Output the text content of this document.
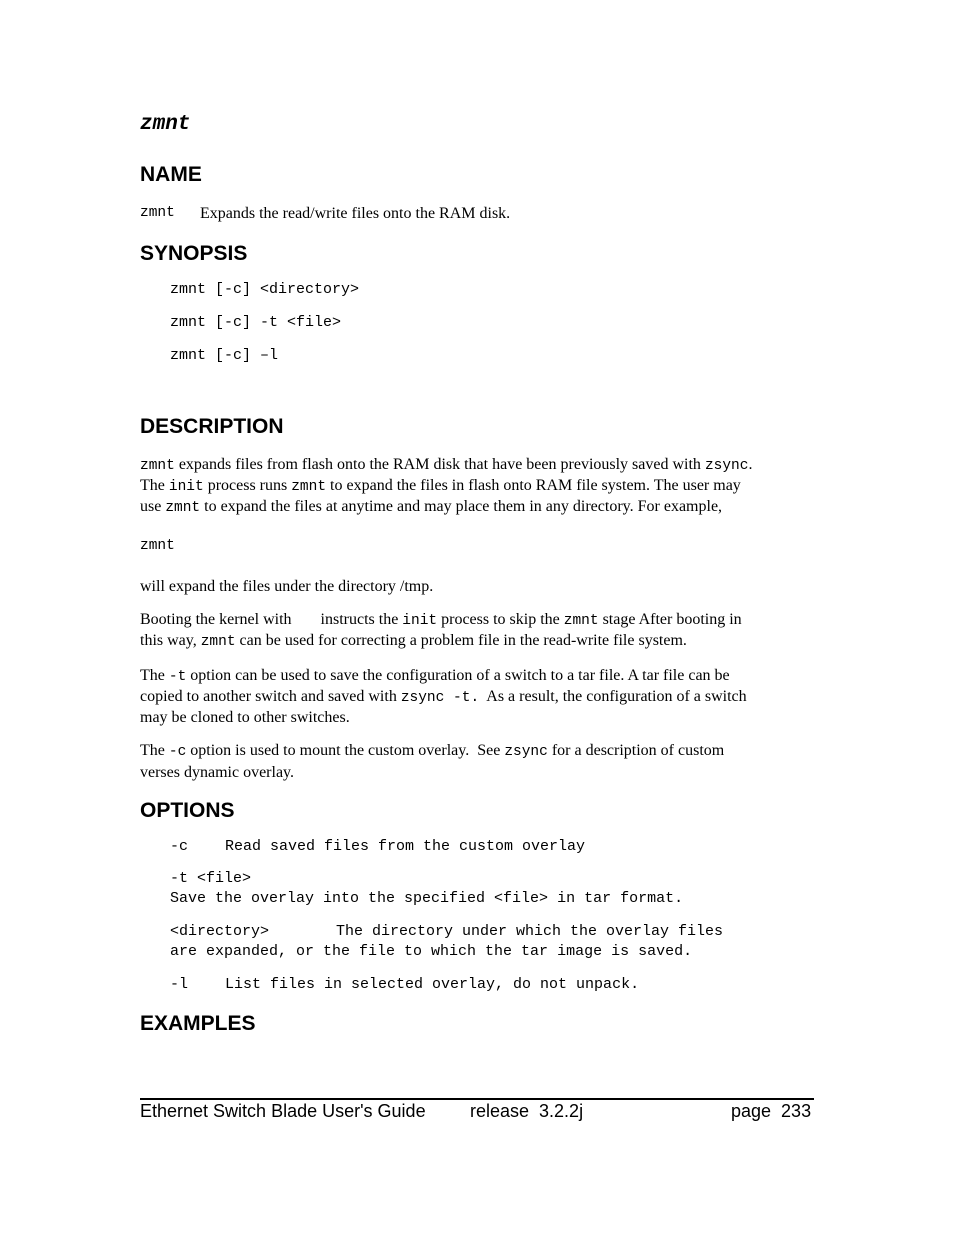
zmnt
NAME
zmnt Expands the read/write files onto the RAM disk.
SYNOPSIS
zmnt [-c] <directory>
zmnt [-c] -t <file>
zmnt [-c] –l
DESCRIPTION
zmnt expands files from flash onto the RAM disk that have been previously saved with zsync.
The init process runs zmnt to expand the files in flash onto RAM file system. The user may
use zmnt to expand the files at anytime and may place them in any directory. For example,
zmnt
will expand the files under the directory /tmp.
Booting the kernel with instructs the init process to skip the zmnt stage After booting in
this way, zmnt can be used for correcting a problem file in the read-write file system.
The -t option can be used to save the configuration of a switch to a tar file. A tar file can be
copied to another switch and saved with zsync -t.  As a result, the configuration of a switch
may be cloned to other switches.
The -c option is used to mount the custom overlay.  See zsync for a description of custom
verses dynamic overlay.
OPTIONS
-c Read saved files from the custom overlay
-t <file>
Save the overlay into the specified <file> in tar format.
<directory>	The directory under which the overlay files
are expanded, or the file to which the tar image is saved.
-l List files in selected overlay, do not unpack.
EXAMPLES
Ethernet Switch Blade User's Guide release  3.2.2j	page  233
